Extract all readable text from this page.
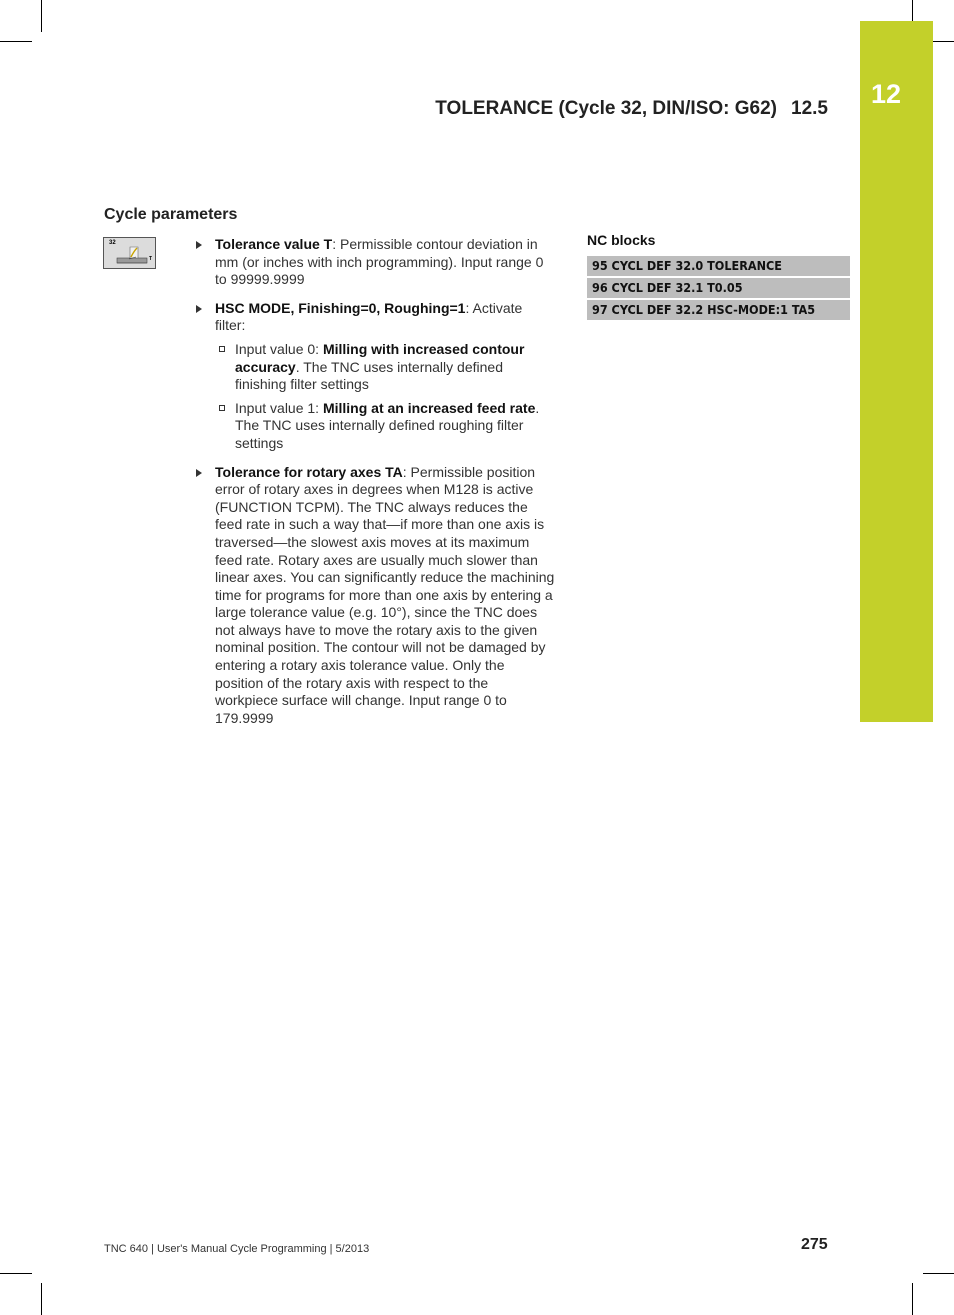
12
TOLERANCE (Cycle 32, DIN/ISO: G62) 12.5
Cycle parameters
32
T
Tolerance value T: Permissible contour deviation in mm (or inches with inch programming). Input range 0 to 99999.9999
HSC MODE, Finishing=0, Roughing=1: Activate filter:
Input value 0: Milling with increased contour accuracy. The TNC uses internally defined finishing filter settings
Input value 1: Milling at an increased feed rate. The TNC uses internally defined roughing filter settings
Tolerance for rotary axes TA: Permissible position error of rotary axes in degrees when M128 is active (FUNCTION TCPM). The TNC always reduces the feed rate in such a way that—if more than one axis is traversed—the slowest axis moves at its maximum feed rate. Rotary axes are usually much slower than linear axes. You can significantly reduce the machining time for programs for more than one axis by entering a large tolerance value (e.g. 10°), since the TNC does not always have to move the rotary axis to the given nominal position. The contour will not be damaged by entering a rotary axis tolerance value. Only the position of the rotary axis with respect to the workpiece surface will change. Input range 0 to 179.9999
NC blocks
95 CYCL DEF 32.0 TOLERANCE
96 CYCL DEF 32.1 T0.05
97 CYCL DEF 32.2 HSC-MODE:1 TA5
TNC 640 | User's Manual Cycle Programming | 5/2013	275
